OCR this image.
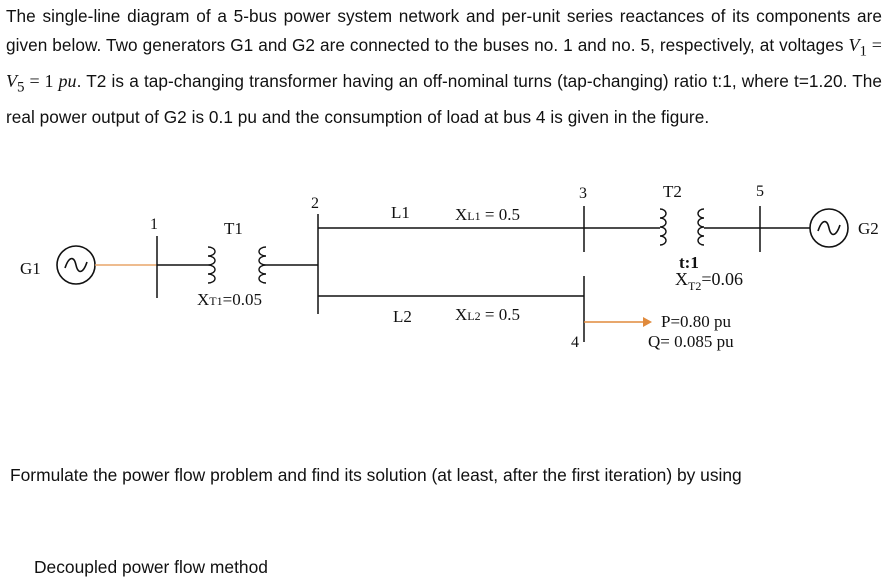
The single-line diagram of a 5-bus power system network and per-unit series reactances of its components are given below. Two generators G1 and G2 are connected to the buses no. 1 and no. 5, respectively, at voltages $V_1 = V_5 = 1$ pu. T2 is a tap-changing transformer having an off-nominal turns (tap-changing) ratio t:1, where t=1.20. The real power output of G2 is 0.1 pu and the consumption of load at bus 4 is given in the figure.
G1
1	T1
XT1=0.05
2	L1	XL1 = 0.5
L2	XL2 = 0.5
3
4
P=0.80 pu
Q= 0.085 pu
T2
t:1
$X_{T2}=0.06$
5
G2
Formulate the power flow problem and find its solution (at least, after the first iteration) by using
Decoupled power flow method
